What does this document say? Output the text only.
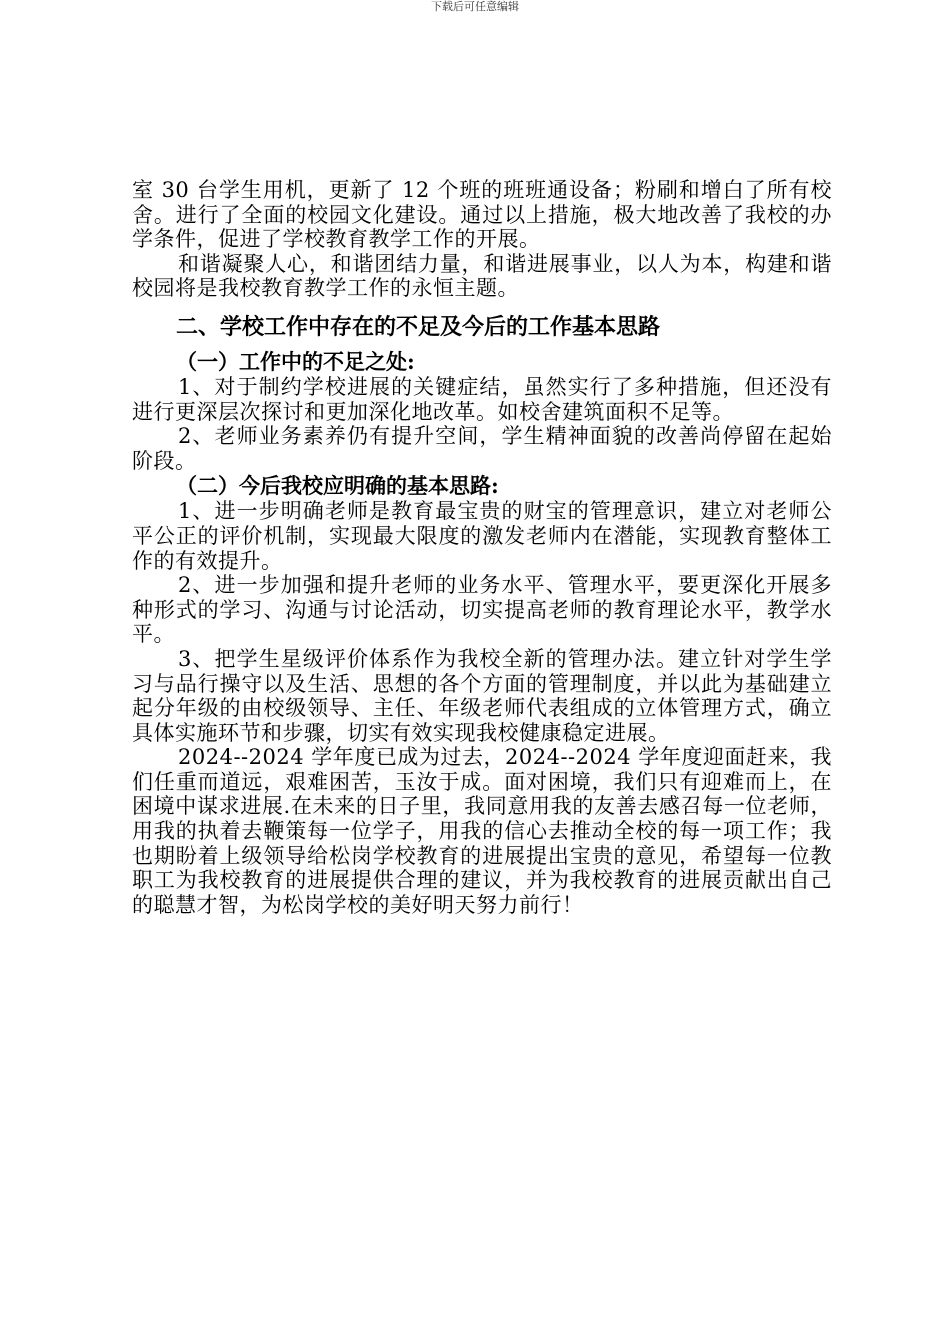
下载后可任意编辑

室 30 台学生用机，更新了 12 个班的班班通设备；粉刷和增白了所有校舍。进行了全面的校园文化建设。通过以上措施，极大地改善了我校的办学条件，促进了学校教育教学工作的开展。

和谐凝聚人心，和谐团结力量，和谐进展事业，以人为本，构建和谐校园将是我校教育教学工作的永恒主题。

二、学校工作中存在的不足及今后的工作基本思路
（一）工作中的不足之处:

1、对于制约学校进展的关键症结，虽然实行了多种措施，但还没有进行更深层次探讨和更加深化地改革。如校舍建筑面积不足等。

2、老师业务素养仍有提升空间，学生精神面貌的改善尚停留在起始阶段。

（二）今后我校应明确的基本思路:

1、进一步明确老师是教育最宝贵的财宝的管理意识，建立对老师公平公正的评价机制，实现最大限度的激发老师内在潜能，实现教育整体工作的有效提升。

2、进一步加强和提升老师的业务水平、管理水平，要更深化开展多种形式的学习、沟通与讨论活动，切实提高老师的教育理论水平，教学水平。

3、把学生星级评价体系作为我校全新的管理办法。建立针对学生学习与品行操守以及生活、思想的各个方面的管理制度，并以此为基础建立起分年级的由校级领导、主任、年级老师代表组成的立体管理方式，确立具体实施环节和步骤，切实有效实现我校健康稳定进展。

2024--2024 学年度已成为过去，2024--2024 学年度迎面赶来，我们任重而道远，艰难困苦，玉汝于成。面对困境，我们只有迎难而上，在困境中谋求进展.在未来的日子里，我同意用我的友善去感召每一位老师，用我的执着去鞭策每一位学子，用我的信心去推动全校的每一项工作；我也期盼着上级领导给松岗学校教育的进展提出宝贵的意见，希望每一位教职工为我校教育的进展提供合理的建议，并为我校教育的进展贡献出自己的聪慧才智，为松岗学校的美好明天努力前行！
